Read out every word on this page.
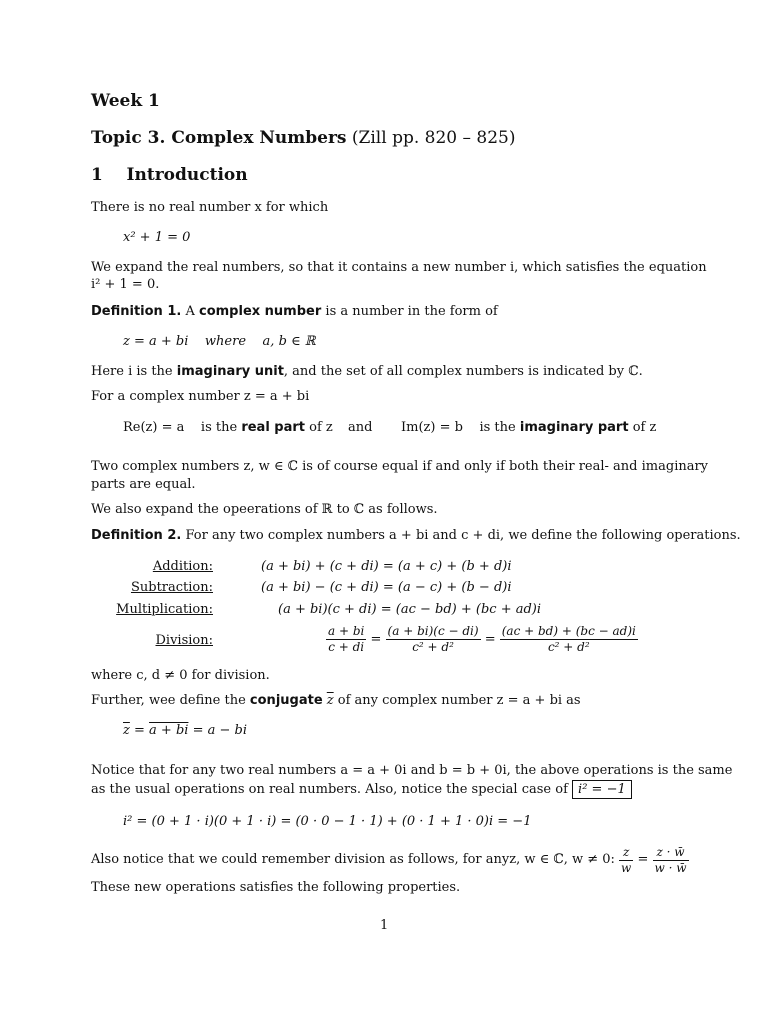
Week 1
Topic 3. Complex Numbers (Zill pp. 820 – 825)
1 Introduction
There is no real number x for which
x² + 1 = 0
We expand the real numbers, so that it contains a new number i, which satisfies the equation
i² + 1 = 0.
Definition 1. A complex number is a number in the form of
z = a + bi    where    a, b ∈ ℝ
Here i is the imaginary unit, and the set of all complex numbers is indicated by ℂ.
For a complex number z = a + bi
Re(z) = a is the real part of z and Im(z) = b is the imaginary part of z
Two complex numbers z, w ∈ ℂ is of course equal if and only if both their real- and imaginary
parts are equal.
We also expand the opeerations of ℝ to ℂ as follows.
Definition 2. For any two complex numbers a + bi and c + di, we define the following operations.
Addition:	(a + bi) + (c + di) = (a + c) + (b + d)i
Subtraction:	(a + bi) − (c + di) = (a − c) + (b − d)i
Multiplication:	(a + bi)(c + di) = (ac − bd) + (bc + ad)i
Division:	$\frac{a + bi}{c + di} = \frac{(a + bi)(c - di)}{\text{c² + d²}} = \frac{(ac + bd) + (bc - ad)i}{\text{c² + d²}}$
where c, d ≠ 0 for division.
Further, wee define the conjugate $\overline{z}$ of any complex number z = a + bi as
$\overline{z} = a$ + bi = a − bi
Notice that for any two real numbers a = a + 0i and b = b + 0i, the above operations is the same
as the usual operations on real numbers. Also, notice the special case of i² = −1
i² = (0 + 1 · i)(0 + 1 · i) = (0 · 0 − 1 · 1) + (0 · 1 + 1 · 0)i = −1
Also notice that we could remember division as follows, for anyz, w ∈ ℂ, w ≠ 0: $\frac{z}{w} = \frac{z \cdot w̄}{w \cdot w̄}$
These new operations satisfies the following properties.
1
